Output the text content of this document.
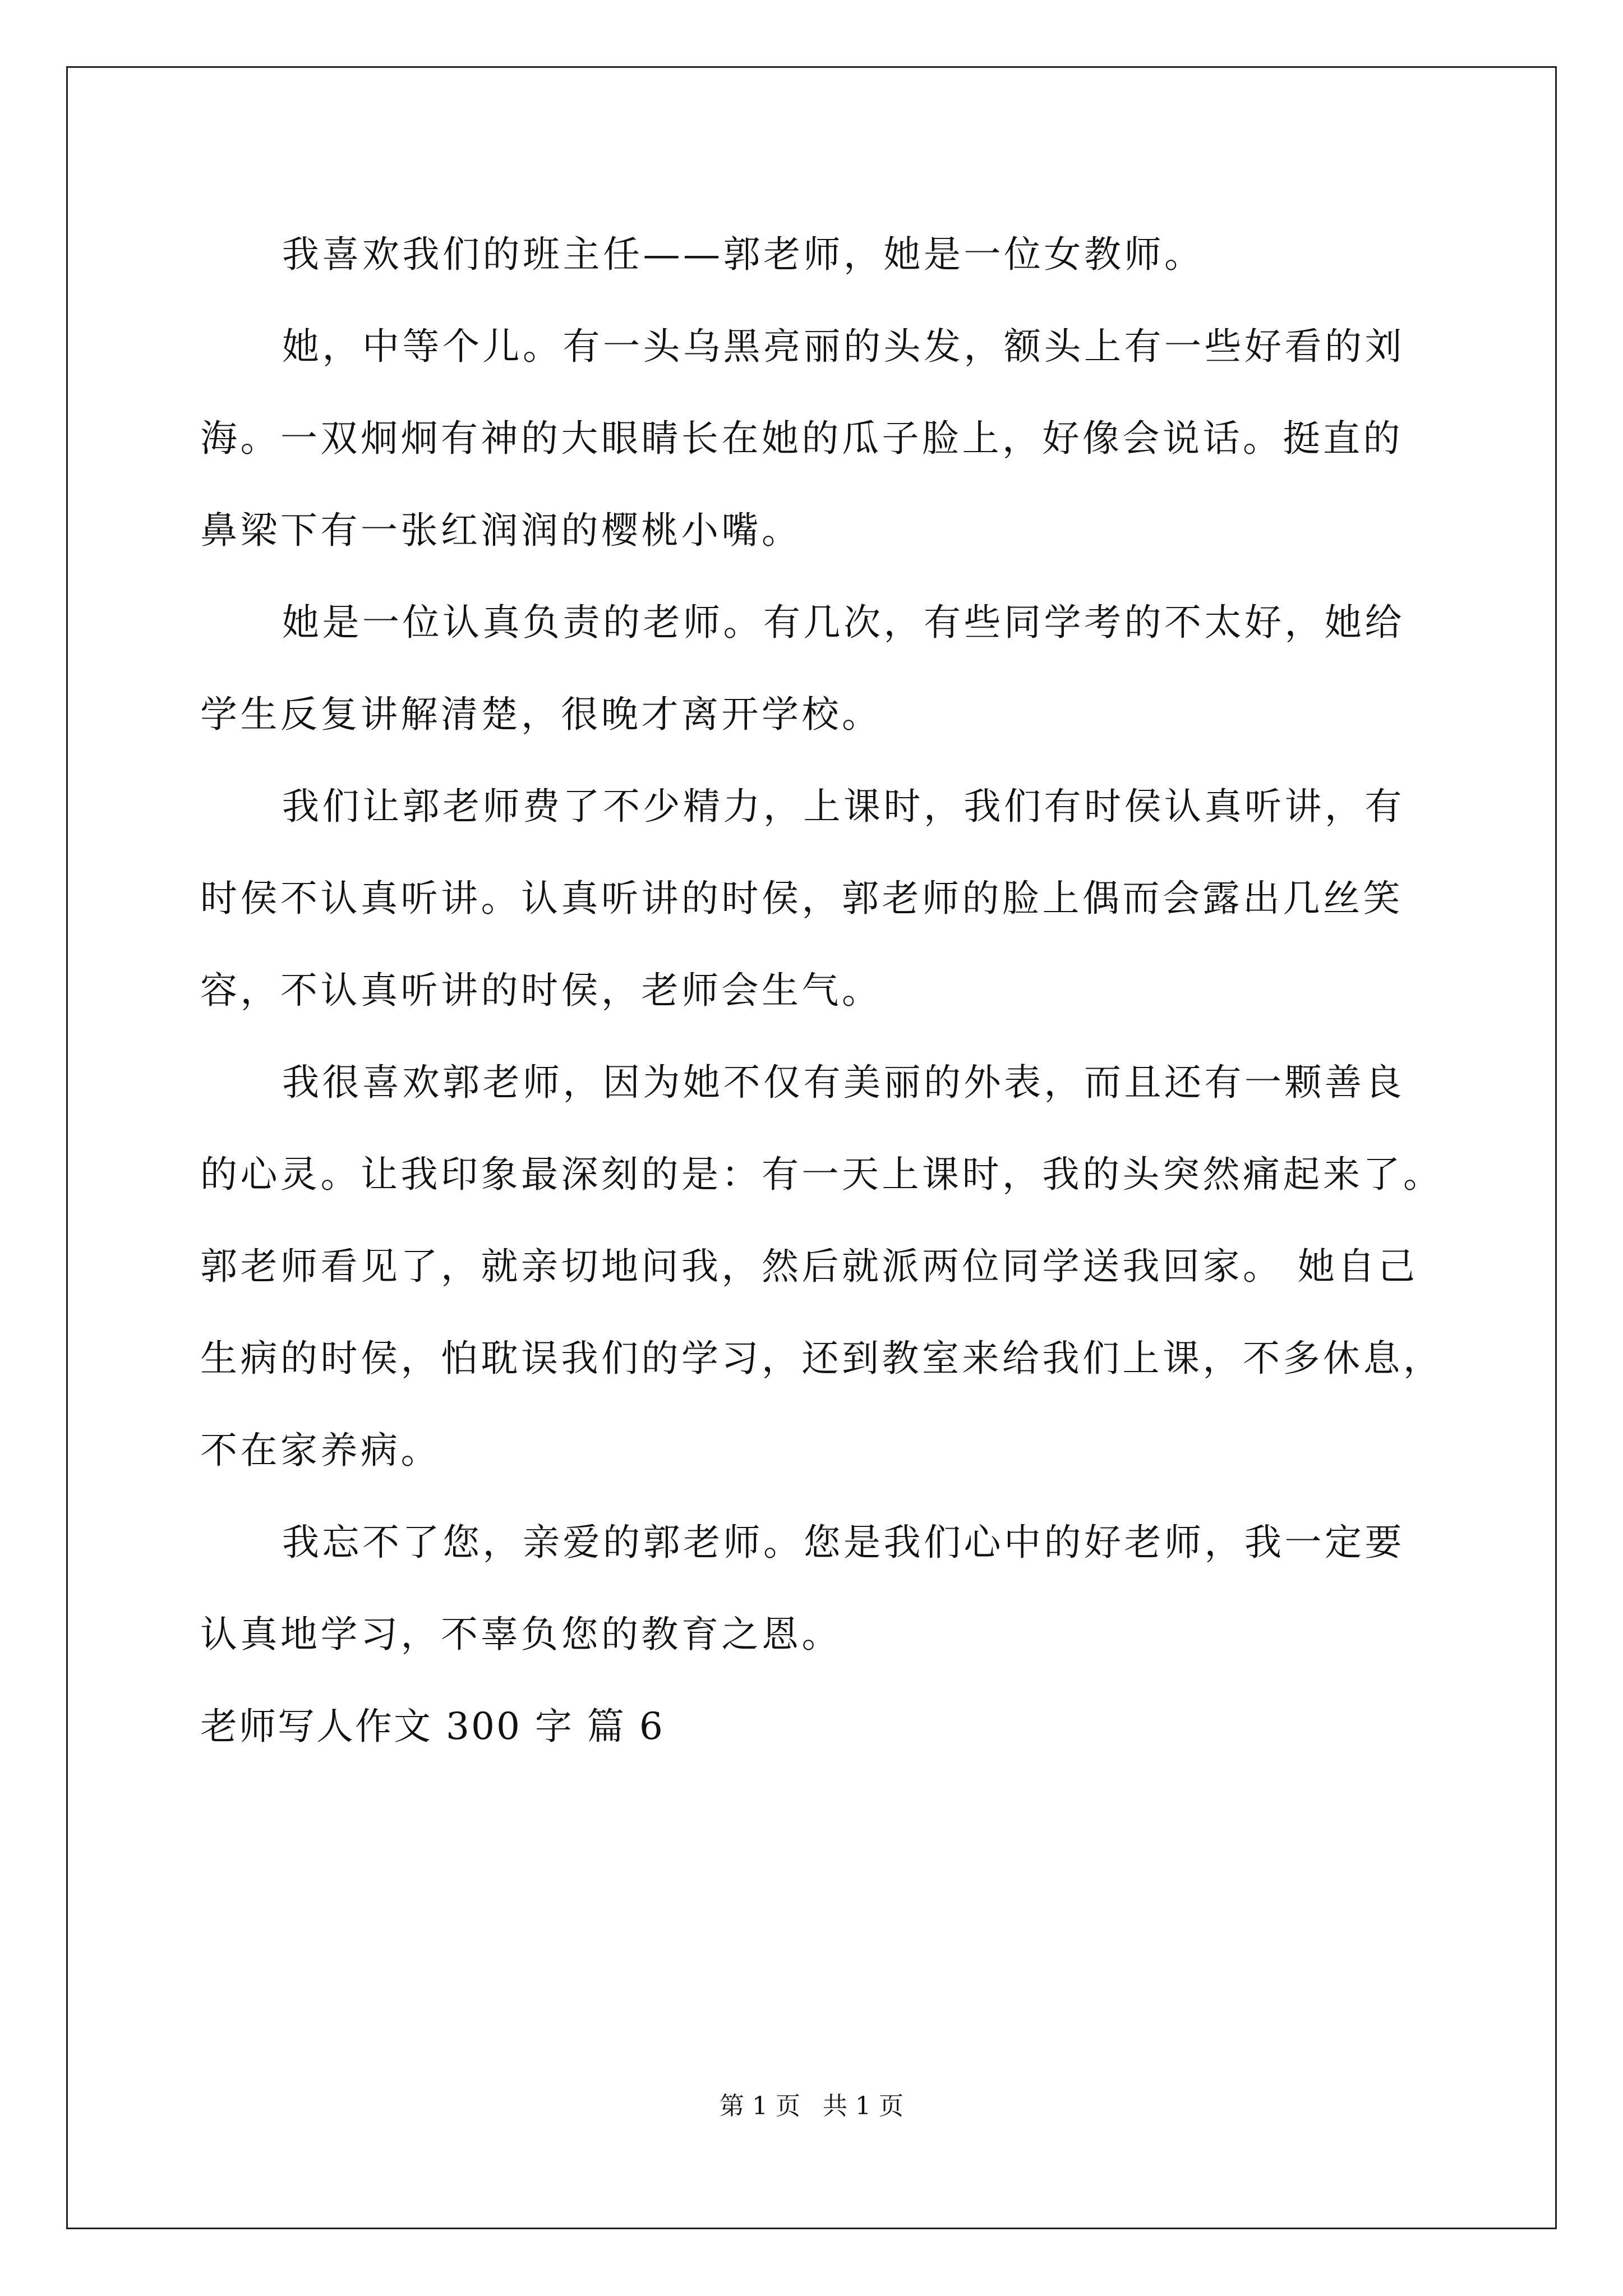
我喜欢我们的班主任——郭老师，她是一位女教师。
她，中等个儿。有一头乌黑亮丽的头发，额头上有一些好看的刘
海。一双炯炯有神的大眼睛长在她的瓜子脸上，好像会说话。挺直的
鼻梁下有一张红润润的樱桃小嘴。
她是一位认真负责的老师。有几次，有些同学考的不太好，她给
学生反复讲解清楚，很晚才离开学校。
我们让郭老师费了不少精力，上课时，我们有时侯认真听讲，有
时侯不认真听讲。认真听讲的时侯，郭老师的脸上偶而会露出几丝笑
容，不认真听讲的时侯，老师会生气。
我很喜欢郭老师，因为她不仅有美丽的外表，而且还有一颗善良
的心灵。让我印象最深刻的是：有一天上课时，我的头突然痛起来了。
郭老师看见了，就亲切地问我，然后就派两位同学送我回家。 她自己
生病的时侯，怕耽误我们的学习，还到教室来给我们上课，不多休息，
不在家养病。
我忘不了您，亲爱的郭老师。您是我们心中的好老师，我一定要
认真地学习，不辜负您的教育之恩。
老师写人作文 300 字 篇 6
第 1 页 共 1 页
